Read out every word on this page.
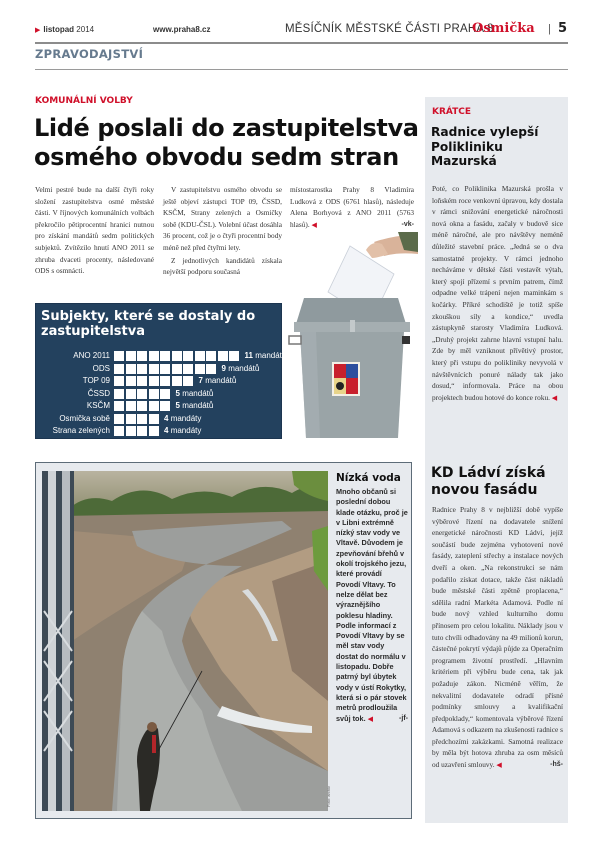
▶ listopad 2014	www.praha8.cz	MĚSÍČNÍK MĚSTSKÉ ČÁSTI PRAHA 8
Osmička | 5
ZPRAVODAJSTVÍ
KOMUNÁLNÍ VOLBY
Lidé poslali do zastupitelstva osmého obvodu sedm stran

Velmi pestré bude na další čtyři roky složení zastupitelstva osmé městské části. V říjnových komunálních volbách překročilo pětiprocentní hranici nutnou pro získání mandátů sedm politických subjektů. Zvítězilo hnutí ANO 2011 se zhruba dvaceti procenty, následované ODS s osmnácti.

V zastupitelstvu osmého obvodu se ještě objeví zástupci TOP 09, ČSSD, KSČM, Strany zelených a Osmičky sobě (KDU-ČSL). Volební účast dosáhla 36 procent, což je o čtyři procentní body méně než před čtyřmi lety.

Z jednotlivých kandidátů získala největší podporu současná

místostarostka Prahy 8 Vladimíra Ludková z ODS (6761 hlasů), následuje Alena Borhyová z ANO 2011 (5763 hlasů). ◀	-vk-

Subjekty, které se dostaly do zastupitelstva
ANO 2011	11 mandátů
ODS	9 mandátů
TOP 09	7 mandátů
ČSSD	5 mandátů
KSČM	5 mandátů
Osmička sobě	4 mandáty
Strana zelených	4 mandáty
KRÁTCE
Radnice vylepší Polikliniku Mazurská
Poté, co Poliklinika Mazurská prošla v loňském roce venkovní úpravou, kdy dostala v rámci snižování energetické náročnosti nová okna a fasádu, začaly v budově sice méně náročné, ale pro návštěvy neméně důležité stavební práce. „Jedná se o dva samostatné projekty. V rámci jednoho necháváme v dětské části vestavět výtah, který spojí přízemí s prvním patrem, čímž odpadne velké trápení nejen maminkám s kočárky. Příkré schodiště je totiž spíše zkouškou síly a kondice,“ uvedla zástupkyně starosty Vladimíra Ludková. „Druhý projekt zahrne hlavní vstupní halu. Zde by měl vzniknout přívětivý prostor, který při vstupu do polikliniky nevyvolá v návštěvnících ponuré nálady tak jako dosud,“ informovala. Práce na obou projektech budou hotové do konce roku. ◀
KD Ládví získá novou fasádu
Radnice Prahy 8 v nejbližší době vypíše výběrové řízení na dodavatele snížení energetické náročnosti KD Ládví, jejíž součástí bude zejména vyhotovení nové fasády, zateplení střechy a instalace nových dveří a oken. „Na rekonstrukci se nám podařilo získat dotace, takže část nákladů bude městské části zpětně proplacena,“ sdělila radní Markéta Adamová. Podle ní bude nový vzhled kulturního domu přínosem pro celou lokalitu. Náklady jsou v tuto chvíli odhadovány na 49 milionů korun, částečné pokrytí výdajů půjde za Operačním programem životní prostředí. „Hlavním kritériem při výběru bude cena, tak jak požaduje zákon. Nicméně věřím, že nekvalitní dodavatele odradí přísné podmínky smlouvy a kvalifikační předpoklady,“ komentovala výběrové řízení Adamová s odkazem na zkušenosti radnice s předchozími zakázkami. Samotná realizace by měla být hotova zhruba za osm měsíců od uzavření smlouvy. ◀	-hš-
Foto: archiv
Nízká voda
Mnoho občanů si poslední dobou klade otázku, proč je v Libni extrémně nízký stav vody ve Vltavě. Důvodem je zpevňování břehů v okolí trojského jezu, které provádí Povodí Vltavy. To nelze dělat bez výraznějšího poklesu hladiny. Podle informací z Povodí Vltavy by se měl stav vody dostat do normálu v listopadu. Dobře patrný byl úbytek vody v ústí Rokytky, která si o pár stovek metrů prodloužila svůj tok. ◀	-jf-
